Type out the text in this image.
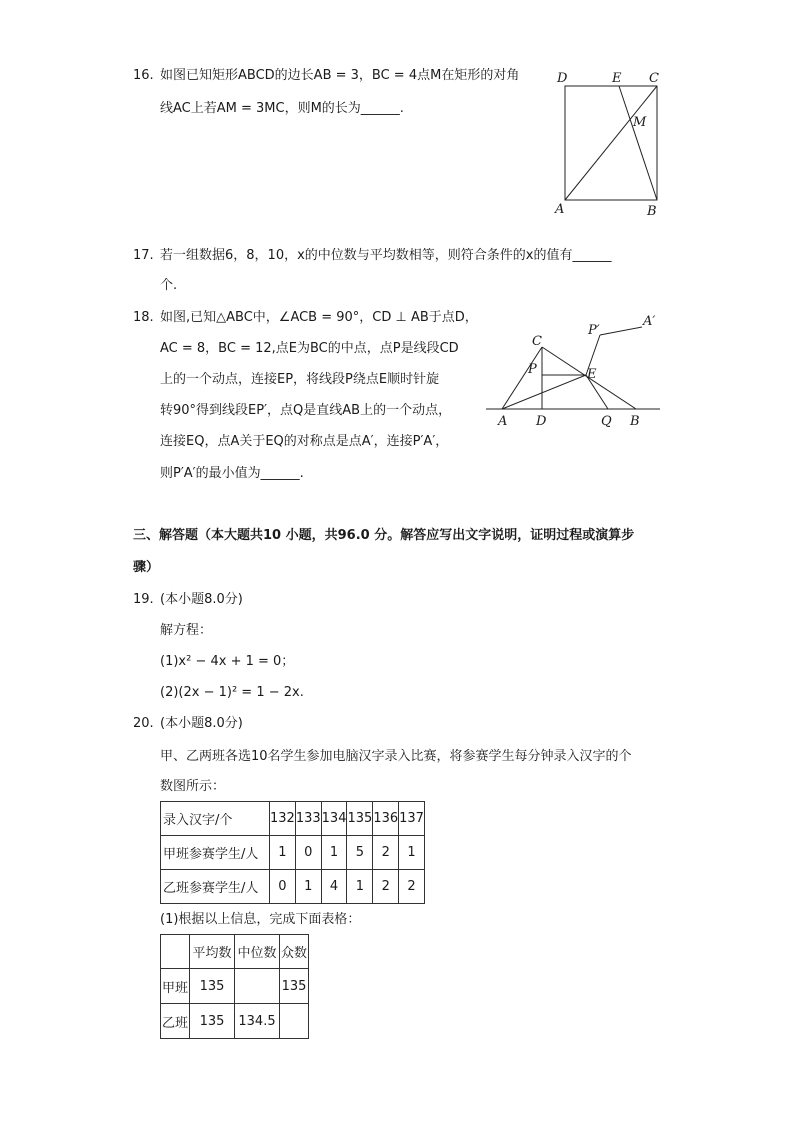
16. 如图已知矩形ABCD的边长AB = 3，BC = 4点M在矩形的对角
线AC上若AM = 3MC，则M的长为______.
D	E C
M
A	B
17. 若一组数据6，8，10，x的中位数与平均数相等，则符合条件的x的值有______
个.
18. 如图,已知△ABC中，∠ACB = 90°，CD ⊥ AB于点D，
AC = 8，BC = 12,点E为BC的中点，点P是线段CD
上的一个动点，连接EP，将线段P绕点E顺时针旋
转90°得到线段EP′，点Q是直线AB上的一个动点，
连接EQ，点A关于EQ的对称点是点A′，连接P′A′，
则P′A′的最小值为______.
P′
A′
C
P	E
A D	Q B
三、解答题（本大题共10 小题，共96.0 分。解答应写出文字说明，证明过程或演算步
骤）
19. (本小题8.0分)
解方程：
(1)x² − 4x + 1 = 0；
(2)(2x − 1)² = 1 − 2x.
20. (本小题8.0分)
甲、乙两班各选10名学生参加电脑汉字录入比赛，将参赛学生每分钟录入汉字的个
数图所示：
录入汉字/个	132	133	134	135	136	137
甲班参赛学生/人	1	0	1	5	2	1
乙班参赛学生/人	0	1	4	1	2	2
(1)根据以上信息，完成下面表格：
	平均数	中位数	众数
甲班	135		135
乙班	135	134.5	
